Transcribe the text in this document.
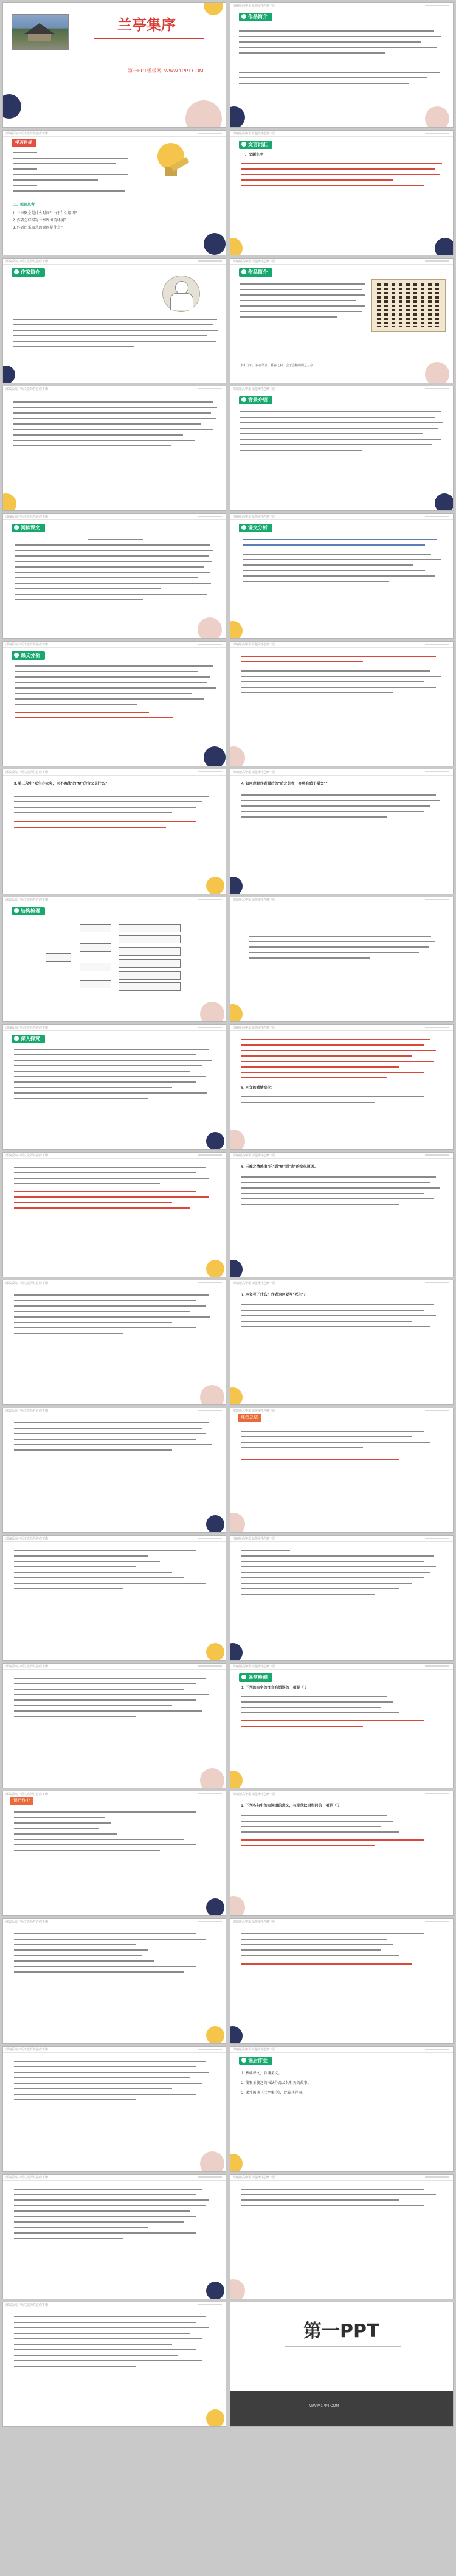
兰亭集序
第一PPT模板网: WWW.1PPT.COM
部编版高中语文选择性必修下册
作品简介
部编版高中语文选择性必修下册
学习目标
二、阅读思考
1. 兰亭聚会是什么时间？由于什么原因？
2. 作者怎样描写兰亭周围的环境？
3. 作者由乐而悲的原因是什么？
部编版高中语文选择性必修下册
文言词汇
一、文题生字
部编版高中语文选择性必修下册
作家简介
部编版高中语文选择性必修下册
作品简介
永和九年，岁在癸丑，暮春之初，会于会稽山阴之兰亭
部编版高中语文选择性必修下册	部编版高中语文选择性必修下册
背景介绍
部编版高中语文选择性必修下册
阅读课文
部编版高中语文选择性必修下册
课文分析
部编版高中语文选择性必修下册
课文分析
部编版高中语文选择性必修下册
部编版高中语文选择性必修下册
3. 第三段中"死生亦大矣，岂不痛哉"的"痛"的含义是什么？
部编版高中语文选择性必修下册
4. 如何理解作者最后的"后之览者，亦将有感于斯文"？
部编版高中语文选择性必修下册
结构梳理
部编版高中语文选择性必修下册
部编版高中语文选择性必修下册
深入探究
部编版高中语文选择性必修下册
5. 本文的感情变化：
部编版高中语文选择性必修下册	部编版高中语文选择性必修下册
6. 王羲之情感由"乐"到"痛"到"悲"的变化原因。
部编版高中语文选择性必修下册	部编版高中语文选择性必修下册
7. 本文写了什么？作者为何要写"死生"？
部编版高中语文选择性必修下册	部编版高中语文选择性必修下册
课堂总结
部编版高中语文选择性必修下册	部编版高中语文选择性必修下册
部编版高中语文选择性必修下册	部编版高中语文选择性必修下册
课堂检测
1. 下列加点字的注音有错误的一项是（ ）
部编版高中语文选择性必修下册
课后作业
部编版高中语文选择性必修下册
2. 下列各句中加点词语的意义，与现代汉语相同的一项是（ ）
部编版高中语文选择性必修下册	部编版高中语文选择性必修下册
部编版高中语文选择性必修下册	部编版高中语文选择性必修下册
课后作业
1. 熟读课文，背诵全文。
2. 搜集王羲之的书法作品及其相关的故事。
3. 课外阅读《兰亭集序》，比较其异同。
部编版高中语文选择性必修下册	部编版高中语文选择性必修下册
部编版高中语文选择性必修下册
第一PPT
WWW.1PPT.COM
